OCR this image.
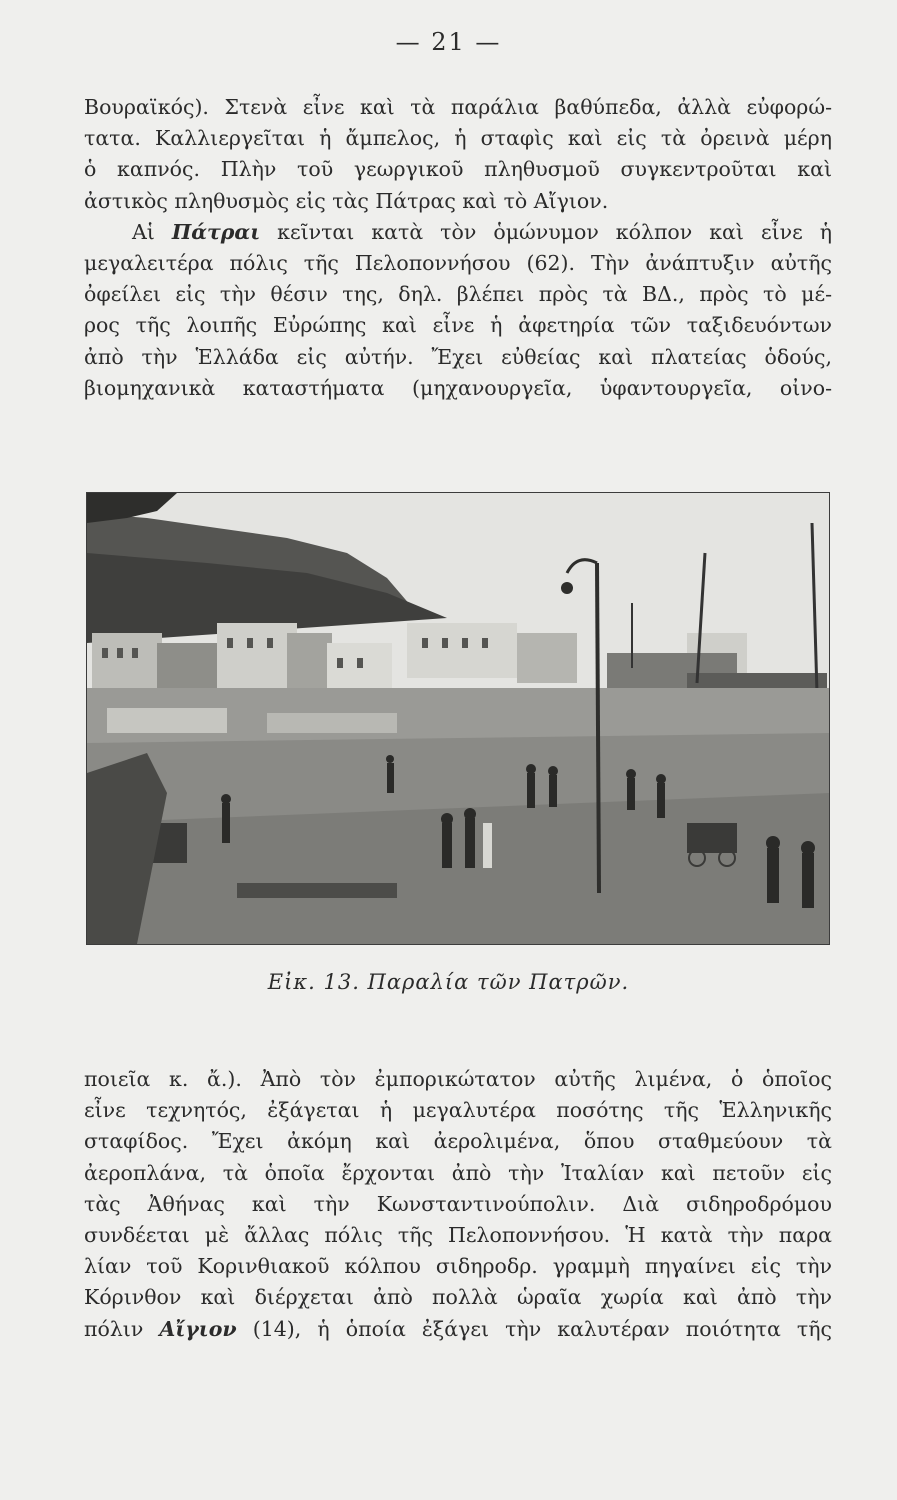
— 21 —
Βουραϊκός). Στενὰ εἶνε καὶ τὰ παράλια βαθύπεδα, ἀλλὰ εὐφορώ-
τατα. Καλλιεργεῖται ἡ ἄμπελος, ἡ σταφὶς καὶ εἰς τὰ ὀρεινὰ μέρη
ὁ καπνός. Πλὴν τοῦ γεωργικοῦ πληθυσμοῦ συγκεντροῦται καὶ
ἀστικὸς πληθυσμὸς εἰς τὰς Πάτρας καὶ τὸ Αἴγιον.
Αἱ Πάτραι κεῖνται κατὰ τὸν ὁμώνυμον κόλπον καὶ εἶνε ἡ
μεγαλειτέρα πόλις τῆς Πελοποννήσου (62). Τὴν ἀνάπτυξιν αὐτῆς
ὀφείλει εἰς τὴν θέσιν της, δηλ. βλέπει πρὸς τὰ ΒΔ., πρὸς τὸ μέ-
ρος τῆς λοιπῆς Εὐρώπης καὶ εἶνε ἡ ἀφετηρία τῶν ταξιδευόντων
ἀπὸ τὴν Ἑλλάδα εἰς αὐτήν. Ἔχει εὐθείας καὶ πλατείας ὁδούς,
βιομηχανικὰ καταστήματα (μηχανουργεῖα, ὑφαντουργεῖα, οἰνο-
Εἰκ. 13. Παραλία τῶν Πατρῶν.
ποιεῖα κ. ἄ.). Ἀπὸ τὸν ἐμπορικώτατον αὐτῆς λιμένα, ὁ ὁποῖος
εἶνε τεχνητός, ἐξάγεται ἡ μεγαλυτέρα ποσότης τῆς Ἑλληνικῆς
σταφίδος. Ἔχει ἀκόμη καὶ ἀερολιμένα, ὅπου σταθμεύουν τὰ
ἀεροπλάνα, τὰ ὁποῖα ἔρχονται ἀπὸ τὴν Ἰταλίαν καὶ πετοῦν εἰς
τὰς Ἀθήνας καὶ τὴν Κωνσταντινούπολιν. Διὰ σιδηροδρόμου
συνδέεται μὲ ἄλλας πόλις τῆς Πελοποννήσου. Ἡ κατὰ τὴν παρα
λίαν τοῦ Κορινθιακοῦ κόλπου σιδηροδρ. γραμμὴ πηγαίνει εἰς τὴν
Κόρινθον καὶ διέρχεται ἀπὸ πολλὰ ὡραῖα χωρία καὶ ἀπὸ τὴν
πόλιν Αἴγιον (14), ἡ ὁποία ἐξάγει τὴν καλυτέραν ποιότητα τῆς
